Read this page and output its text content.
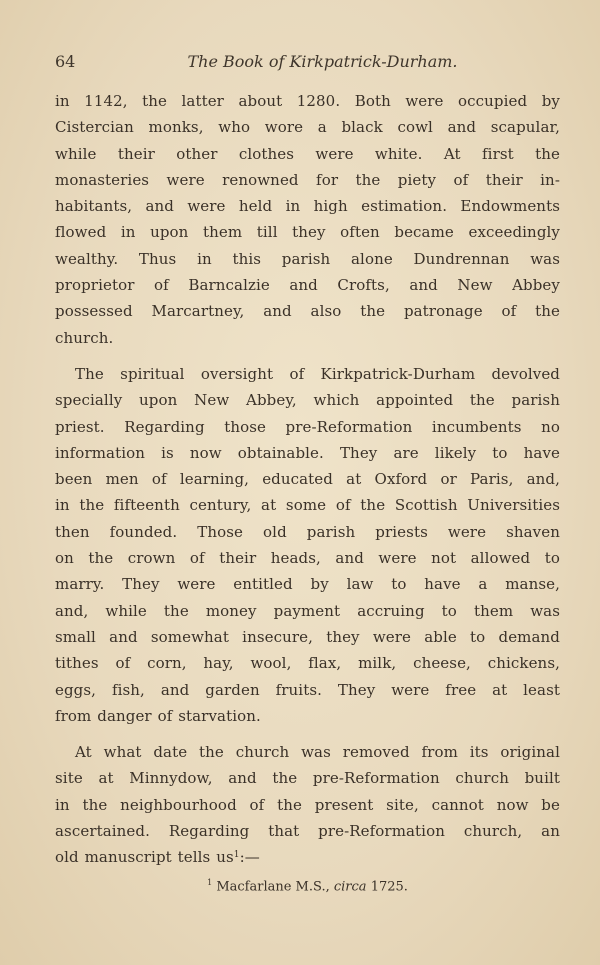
64	The Book of Kirkpatrick-Durham.
in 1142, the latter about 1280. Both were occupied by
Cistercian monks, who wore a black cowl and scapular,
while their other clothes were white. At first the
monasteries were renowned for the piety of their in-
habitants, and were held in high estimation. Endowments
flowed in upon them till they often became exceedingly
wealthy. Thus in this parish alone Dundrennan was
proprietor of Barncalzie and Crofts, and New Abbey
possessed Marcartney, and also the patronage of the
church.
The spiritual oversight of Kirkpatrick-Durham devolved
specially upon New Abbey, which appointed the parish
priest. Regarding those pre-Reformation incumbents no
information is now obtainable. They are likely to have
been men of learning, educated at Oxford or Paris, and,
in the fifteenth century, at some of the Scottish Universities
then founded. Those old parish priests were shaven
on the crown of their heads, and were not allowed to
marry. They were entitled by law to have a manse,
and, while the money payment accruing to them was
small and somewhat insecure, they were able to demand
tithes of corn, hay, wool, flax, milk, cheese, chickens,
eggs, fish, and garden fruits. They were free at least
from danger of starvation.
At what date the church was removed from its original
site at Minnydow, and the pre-Reformation church built
in the neighbourhood of the present site, cannot now be
ascertained. Regarding that pre-Reformation church, an
old manuscript tells us$^1$:—
$^1$ Macfarlane M.S., circa 1725.
